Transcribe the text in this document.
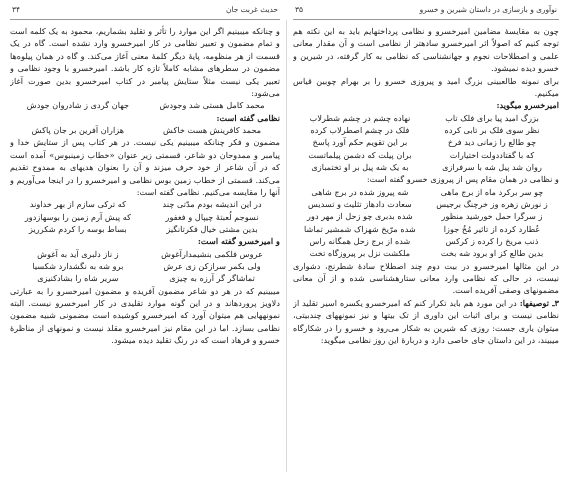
نوآوری و بازسازی در داستان شیرین و خسرو
۳۵

چون به مقایسهٔ مضامین امیرخسرو و نظامی پرداختهایم باید به این نکته هم توجه کنیم که اصولاً اثر امیرخسرو سادهتر از نظامی است و آن مقدار معانی علمی و اصطلاحات نجوم و جهانشناسی که نظامی به کار گرفته، در شیرین و خسرو دیده نمیشود.

برای نمونه طالعبینی بزرگ امید و پیروزی خسرو را بر بهرام چوبین قیاس میکنیم.

امیرخسرو میگوید:

بزرگ امید پیا برای فلک تاب
نهاده چشم در چشم شطرلاب
نظر سوی فلک بر تابی کرده
فلک در چشم اصطرلاب کرده
چو طالع را زمانی دید فرخ
بر این تقویم حکم آورد پاسخ
که با گفتاددولت اختیارات
بران پیلت که دشمن پیلماتست
روان شد پیل شه با سرفرازی
به یک شه پیل بر او تختمبازی

و نظامی در همان مقام پس از پیروزی خسرو گفته است:

چو سر برکرد ماه از برج ماهی
شه پیروز شده در برج شاهی
ز نورش زهره وز خرچنگ برجیس
سعادت دادهاز تثلیث و تسدیس
ز سرگرا حمل خورشید منظور
شده بدبری چو زحل از مهر دور
عُطارد کرده از تاثیر مُخُ جوزا
شده مرّیخ شهزاک شمشیر تماشا
ذنب مریخ را کرده ز کرکس
شده از برج زحل همگانه راس
بدین طالع کز او برود شه بخت
ملکشت نزل بر پیروزگاه تخت

در این مثالها امیرخسرو در بیت دوم چند اصطلاح سادهٔ شطرنج، دشواری نیست، در حالی که نظامی وارد معانی ستارهشناسی شده و از آن معانی مضمونهای وصفی آفریده است.

۳ـ توصیفها: در این مورد هم باید تکرار کنم که امیرخسرو یکسره اسیر تقلید از نظامی نیست و برای اثبات این داوری از تک بیتها و نیز نمونههای چندبیتی، میتوان یاری جست: روزی که شیرین به شکار می‌رود و خسرو را در شکارگاه میبیند، در این داستان جای خاصی دارد و دربارهٔ این روز نظامی میگوید:

حدیث غربت جان
۳۴

و چنانکه میبینیم اگر این موارد را تأثر و تقلید بشماریم، محمود به یک کلمه است و تمام مضمون و تعبیر نظامی در کار امیرخسرو وارد نشده است. گاه در یک قسمت از هر منظومه، پایهٔ دیگر کلمهٔ معنی آغاز می‌کند. و گاه در همان پیلوه‌ها مضمون در سطرهای مشابه کاملاً تازه کار باشد. امیرخسرو با وجود نظامی و تعبیر یکی نیست مثلاً ستایش پیامبر در کتاب امیرخسرو بدین صورت آغاز می‌شود:

محمد کامل هستی شد وجودش
جهان گردی ز شادروان جودش

نظامی گفته است:

محمد کافرینش هست خاکش
هزاران آفرین بر جان پاکش

مضمون و فکر چنانکه میبینیم یکی نیست. در هر کتاب پس از ستایش خدا و پیامبر و ممدوحان دو شاعر، قسمتی زیر عنوان «خطاب زمینبوس» آمده است که در آن شاعر از خود حرف میزند و آن را بعنوان هدیهای به ممدوح تقدیم می‌کند. قسمتی از خطاب زمین بوس نظامی و امیرخسرو را در اینجا می‌آوریم و آنها را مقایسه می‌کنیم. نظامی گفته است:

در این اندیشه بودم مدّتی چند
که ترکی سازم از بهر خداوند
نسوجم لُعبتهٔ چیپال و فغفور
که پیش آرم زمین را بوسهازدور
بدین مشتی خیال فکرتانگیز
بساط بوسه را کردم شکرریز

و امیرخسرو گفته است:

عروس فلکمی بنشیمدارآغوش
ز ناز دلبری آید به آغوش
ولی بکمر سرازکن زی عرش
برو شه به نگشدارد شکسیا
تماشاگر گر آرزه به چیزی
سریر شاه را بشادکنیزی

میبینیم که در هر دو شاعر مضمون آفریده و مضمون امیرخسرو را به عبارتی دلاویز پروردهاند و در این گونه موارد تقلیدی در کار امیرخسرو نیست. البته نمونههایی هم میتوان آورد که امیرخسرو کوشیده است مضمونی شبیه مضمون نظامی بسازد. اما در این مقام نیز امیرخسرو مقلد نیست و نمونهای از مناظرهٔ خسرو و فرهاد است که در رنگ تقلید دیده میشود.
